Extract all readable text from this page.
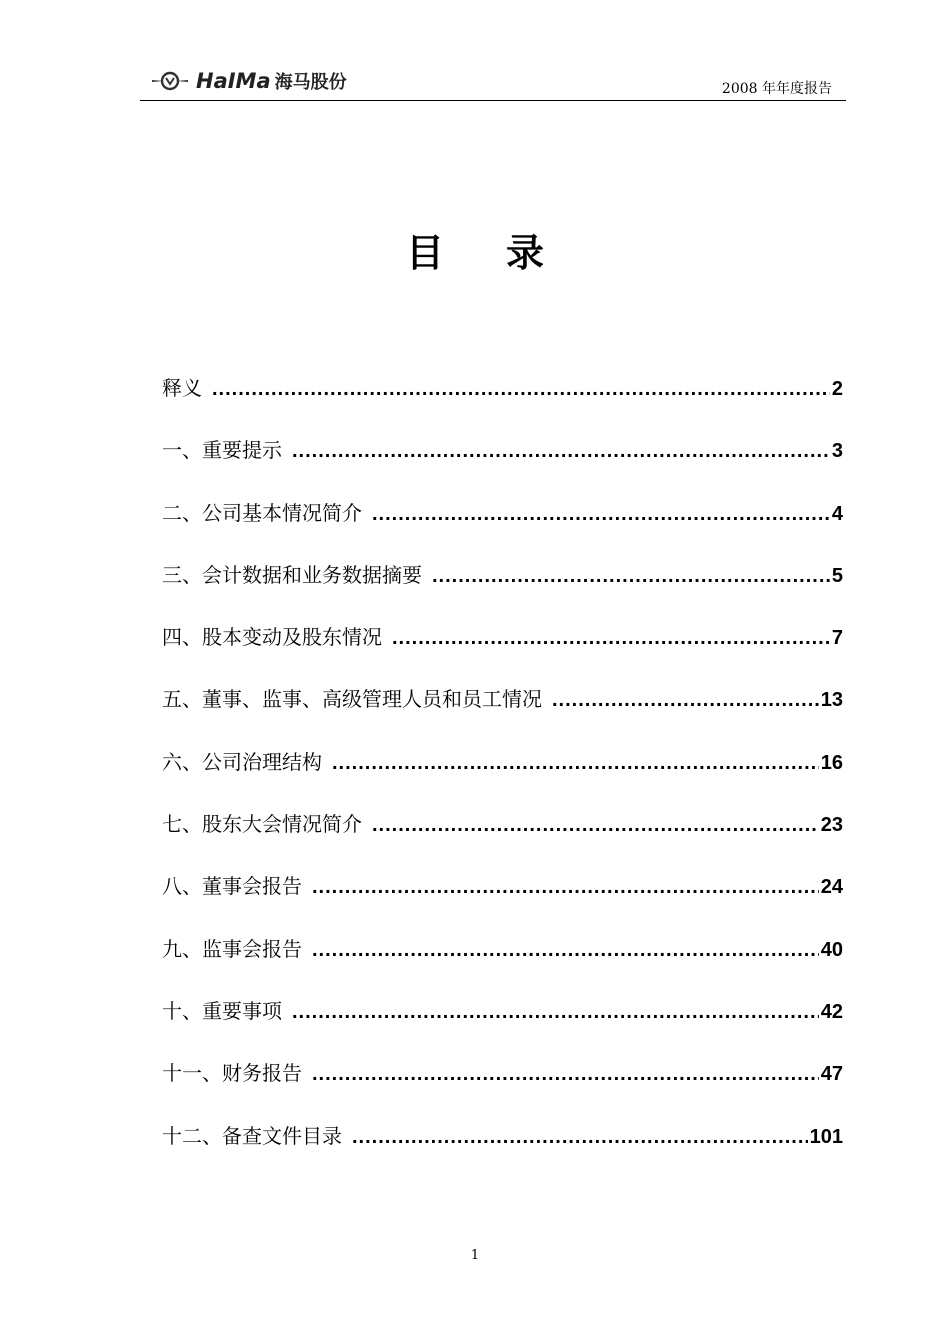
HaIMa 海马股份	2008 年年度报告
目 录
释义 .....	2
一、重要提示 .....	3
二、公司基本情况简介 .....	4
三、会计数据和业务数据摘要 .....	5
四、股本变动及股东情况 .....	7
五、董事、监事、高级管理人员和员工情况 .....	13
六、公司治理结构 .....	16
七、股东大会情况简介 .....	23
八、董事会报告 .....	24
九、监事会报告 .....	40
十、重要事项 .....	42
十一、财务报告 .....	47
十二、备查文件目录 .....	101
1
